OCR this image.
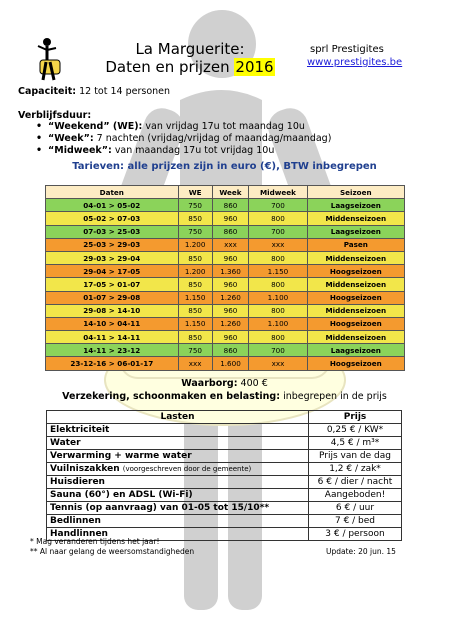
La Marguerite:
Daten en prijzen 2016
sprl Prestigites
www.prestigites.be
Capaciteit: 12 tot 14 personen
Verblijfsduur:
• “Weekend” (WE): van vrijdag 17u tot maandag 10u
• “Week”: 7 nachten (vrijdag/vrijdag of maandag/maandag)
• “Midweek”: van maandag 17u tot vrijdag 10u
Tarieven: alle prijzen zijn in euro (€), BTW inbegrepen
Daten	WE	Week	Midweek	Seizoen
04-01 > 05-02	750	860	700	Laagseizoen
05-02 > 07-03	850	960	800	Middenseizoen
07-03 > 25-03	750	860	700	Laagseizoen
25-03 > 29-03	1.200	xxx	xxx	Pasen
29-03 > 29-04	850	960	800	Middenseizoen
29-04 > 17-05	1.200	1.360	1.150	Hoogseizoen
17-05 > 01-07	850	960	800	Middenseizoen
01-07 > 29-08	1.150	1.260	1.100	Hoogseizoen
29-08 > 14-10	850	960	800	Middenseizoen
14-10 > 04-11	1.150	1.260	1.100	Hoogseizoen
04-11 > 14-11	850	960	800	Middenseizoen
14-11 > 23-12	750	860	700	Laagseizoen
23-12-16 > 06-01-17	xxx	1.600	xxx	Hoogseizoen
Waarborg: 400 €
Verzekering, schoonmaken en belasting: inbegrepen in de prijs
Lasten	Prijs
Elektriciteit	0,25 € / KW*
Water	4,5 € / m³*
Verwarming + warme water	Prijs van de dag
Vuilniszakken (voorgeschreven door de gemeente)	1,2 € / zak*
Huisdieren	6 € / dier / nacht
Sauna (60°) en ADSL (Wi-Fi)	Aangeboden!
Tennis (op aanvraag) van 01-05 tot 15/10**	6 € / uur
Bedlinnen	7 € / bed
Handlinnen	3 € / persoon
* Mag veranderen tijdens het jaar!
** Al naar gelang de weersomstandigheden	Update: 20 jun. 15
